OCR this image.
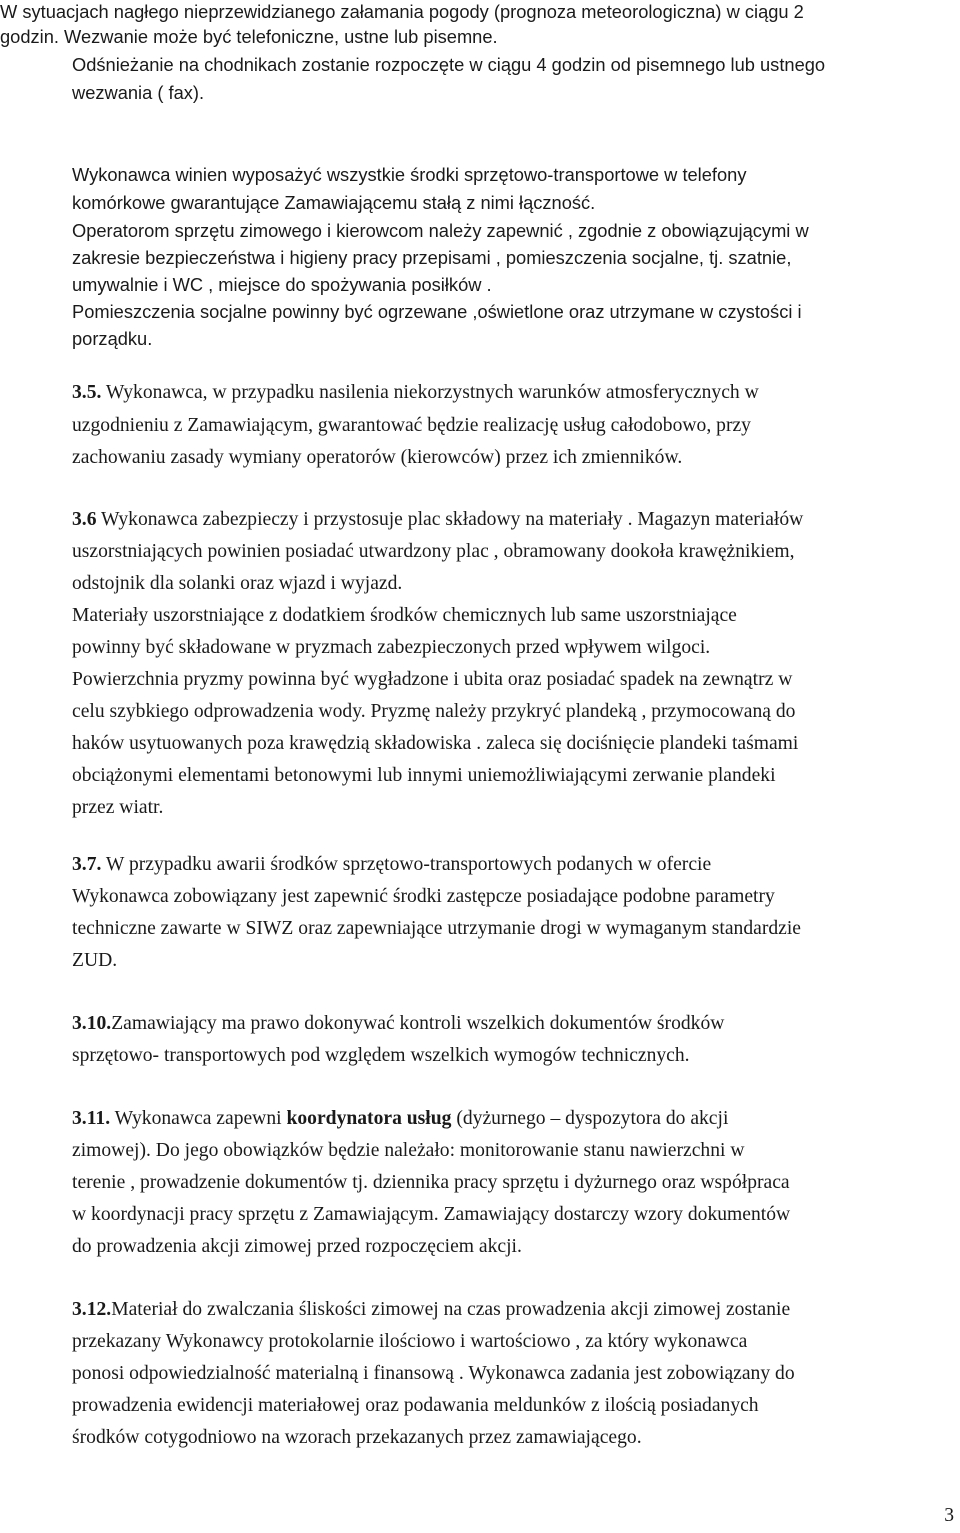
W sytuacjach nagłego nieprzewidzianego załamania pogody (prognoza meteorologiczna) w ciągu 2
godzin. Wezwanie może być telefoniczne, ustne lub pisemne.
Odśnieżanie na chodnikach zostanie rozpoczęte w ciągu 4 godzin od pisemnego lub ustnego
wezwania ( fax).
Wykonawca winien wyposażyć wszystkie środki sprzętowo-transportowe w telefony
komórkowe gwarantujące Zamawiającemu stałą z nimi łączność.
Operatorom sprzętu zimowego i kierowcom należy zapewnić , zgodnie z obowiązującymi w
zakresie bezpieczeństwa i higieny pracy przepisami , pomieszczenia socjalne, tj. szatnie,
umywalnie i WC , miejsce do spożywania posiłków .
Pomieszczenia socjalne powinny być ogrzewane ,oświetlone oraz utrzymane w czystości i
porządku.
3.5. Wykonawca, w przypadku nasilenia niekorzystnych warunków atmosferycznych w
uzgodnieniu z Zamawiającym, gwarantować będzie realizację usług całodobowo, przy
zachowaniu zasady wymiany operatorów (kierowców) przez ich zmienników.
3.6 Wykonawca zabezpieczy i przystosuje plac składowy na materiały . Magazyn materiałów
uszorstniających powinien posiadać utwardzony plac , obramowany dookoła krawężnikiem,
odstojnik dla solanki oraz wjazd i wyjazd.
Materiały uszorstniające z dodatkiem środków chemicznych lub same uszorstniające
powinny być składowane w pryzmach zabezpieczonych przed wpływem wilgoci.
Powierzchnia pryzmy powinna być wygładzone i ubita oraz posiadać spadek na zewnątrz w
celu szybkiego odprowadzenia wody. Pryzmę należy przykryć plandeką , przymocowaną do
haków usytuowanych poza krawędzią składowiska . zaleca się dociśnięcie plandeki taśmami
obciążonymi elementami betonowymi lub innymi uniemożliwiającymi zerwanie plandeki
przez wiatr.
3.7. W przypadku awarii środków sprzętowo-transportowych podanych w ofercie
Wykonawca zobowiązany jest zapewnić środki zastępcze posiadające podobne parametry
techniczne zawarte w SIWZ oraz zapewniające utrzymanie drogi w wymaganym standardzie
ZUD.
3.10.Zamawiający ma prawo dokonywać kontroli wszelkich dokumentów środków
sprzętowo- transportowych pod względem wszelkich wymogów technicznych.
3.11. Wykonawca zapewni koordynatora usług (dyżurnego – dyspozytora do akcji
zimowej). Do jego obowiązków będzie należało: monitorowanie stanu nawierzchni w
terenie , prowadzenie dokumentów tj. dziennika pracy sprzętu i dyżurnego oraz współpraca
w koordynacji pracy sprzętu z Zamawiającym. Zamawiający dostarczy wzory dokumentów
do prowadzenia akcji zimowej przed rozpoczęciem akcji.
3.12.Materiał do zwalczania śliskości zimowej na czas prowadzenia akcji zimowej zostanie
przekazany Wykonawcy protokolarnie ilościowo i wartościowo , za który wykonawca
ponosi odpowiedzialność materialną i finansową . Wykonawca zadania jest zobowiązany do
prowadzenia ewidencji materiałowej oraz podawania meldunków z ilością posiadanych
środków cotygodniowo na wzorach przekazanych przez zamawiającego.
3
